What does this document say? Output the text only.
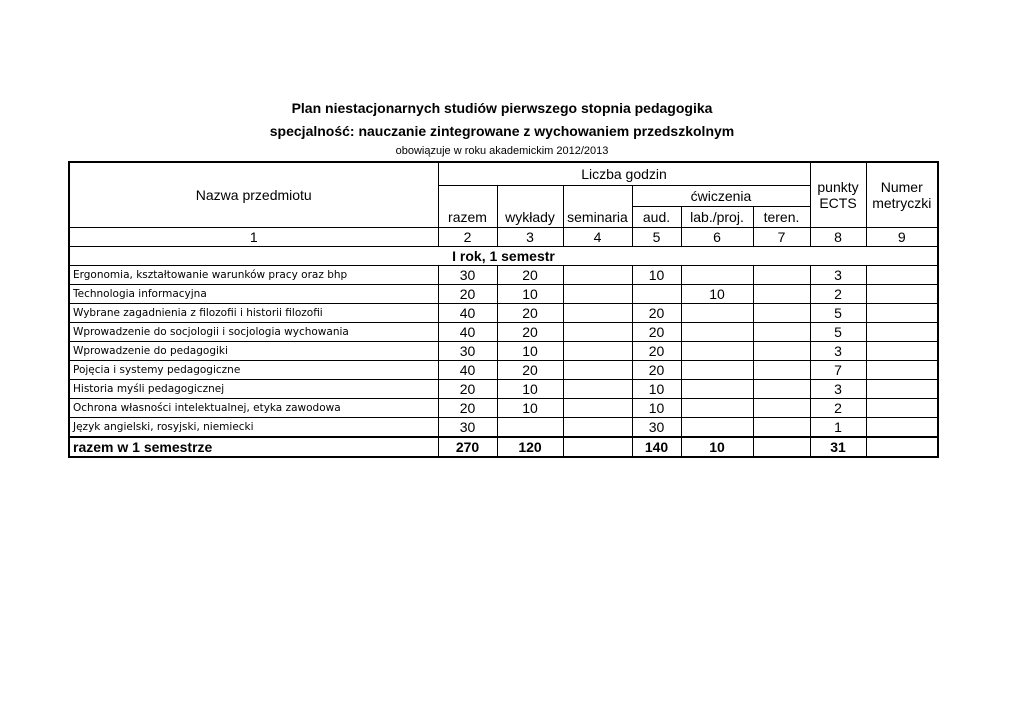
Plan niestacjonarnych studiów pierwszego stopnia pedagogika
specjalność: nauczanie zintegrowane z wychowaniem przedszkolnym
obowiązuje w roku akademickim 2012/2013
Nazwa przedmiotu	Liczba godzin						punkty ECTS	Numer metryczki
	razem	wykłady	seminaria	ćwiczenia				
				aud.	lab./proj.	teren.		
1	2	3	4	5	6	7	8	9
I rok, 1 semestr								
Ergonomia, kształtowanie warunków pracy oraz bhp	30	20		10			3	
Technologia informacyjna	20	10			10		2	
Wybrane zagadnienia z filozofii i historii filozofii	40	20		20			5	
Wprowadzenie do socjologii i socjologia wychowania	40	20		20			5	
Wprowadzenie do pedagogiki	30	10		20			3	
Pojęcia i systemy pedagogiczne	40	20		20			7	
Historia myśli pedagogicznej	20	10		10			3	
Ochrona własności intelektualnej, etyka zawodowa	20	10		10			2	
Język angielski, rosyjski, niemiecki	30			30			1	
razem w 1 semestrze	270	120		140	10		31	
